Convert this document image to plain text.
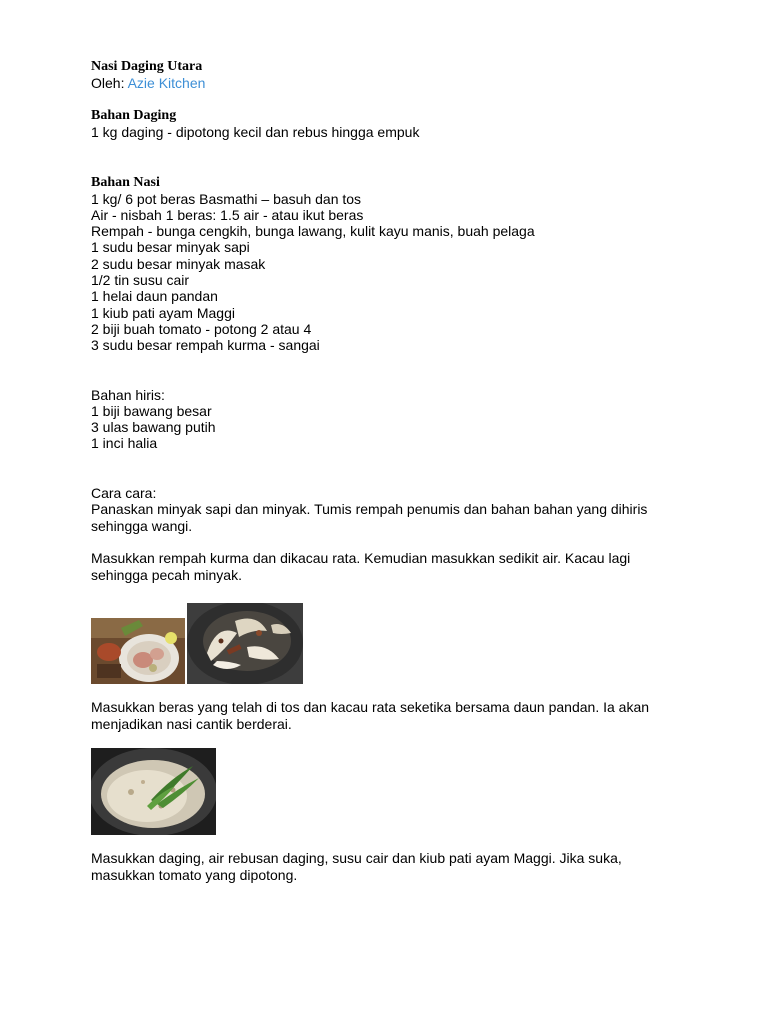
Nasi Daging Utara
Oleh: Azie Kitchen
Bahan Daging
1 kg daging - dipotong kecil dan rebus hingga empuk
Bahan Nasi
1 kg/ 6 pot beras Basmathi – basuh dan tos
Air - nisbah 1 beras: 1.5 air - atau ikut beras
Rempah - bunga cengkih, bunga lawang, kulit kayu manis, buah pelaga
1 sudu besar minyak sapi
2 sudu besar minyak masak
1/2 tin susu cair
1 helai daun pandan
1 kiub pati ayam Maggi
2 biji buah tomato - potong 2 atau 4
3 sudu besar rempah kurma - sangai
Bahan hiris:
1 biji bawang besar
3 ulas bawang putih
1 inci halia
Cara cara:
Panaskan minyak sapi dan minyak. Tumis rempah penumis dan bahan bahan yang dihiris sehingga wangi.
Masukkan rempah kurma dan dikacau rata. Kemudian masukkan sedikit air. Kacau lagi sehingga pecah minyak.
Masukkan beras yang telah di tos dan kacau rata seketika bersama daun pandan. Ia akan menjadikan nasi cantik berderai.
Masukkan daging, air rebusan daging, susu cair dan kiub pati ayam Maggi. Jika suka, masukkan tomato yang dipotong.
